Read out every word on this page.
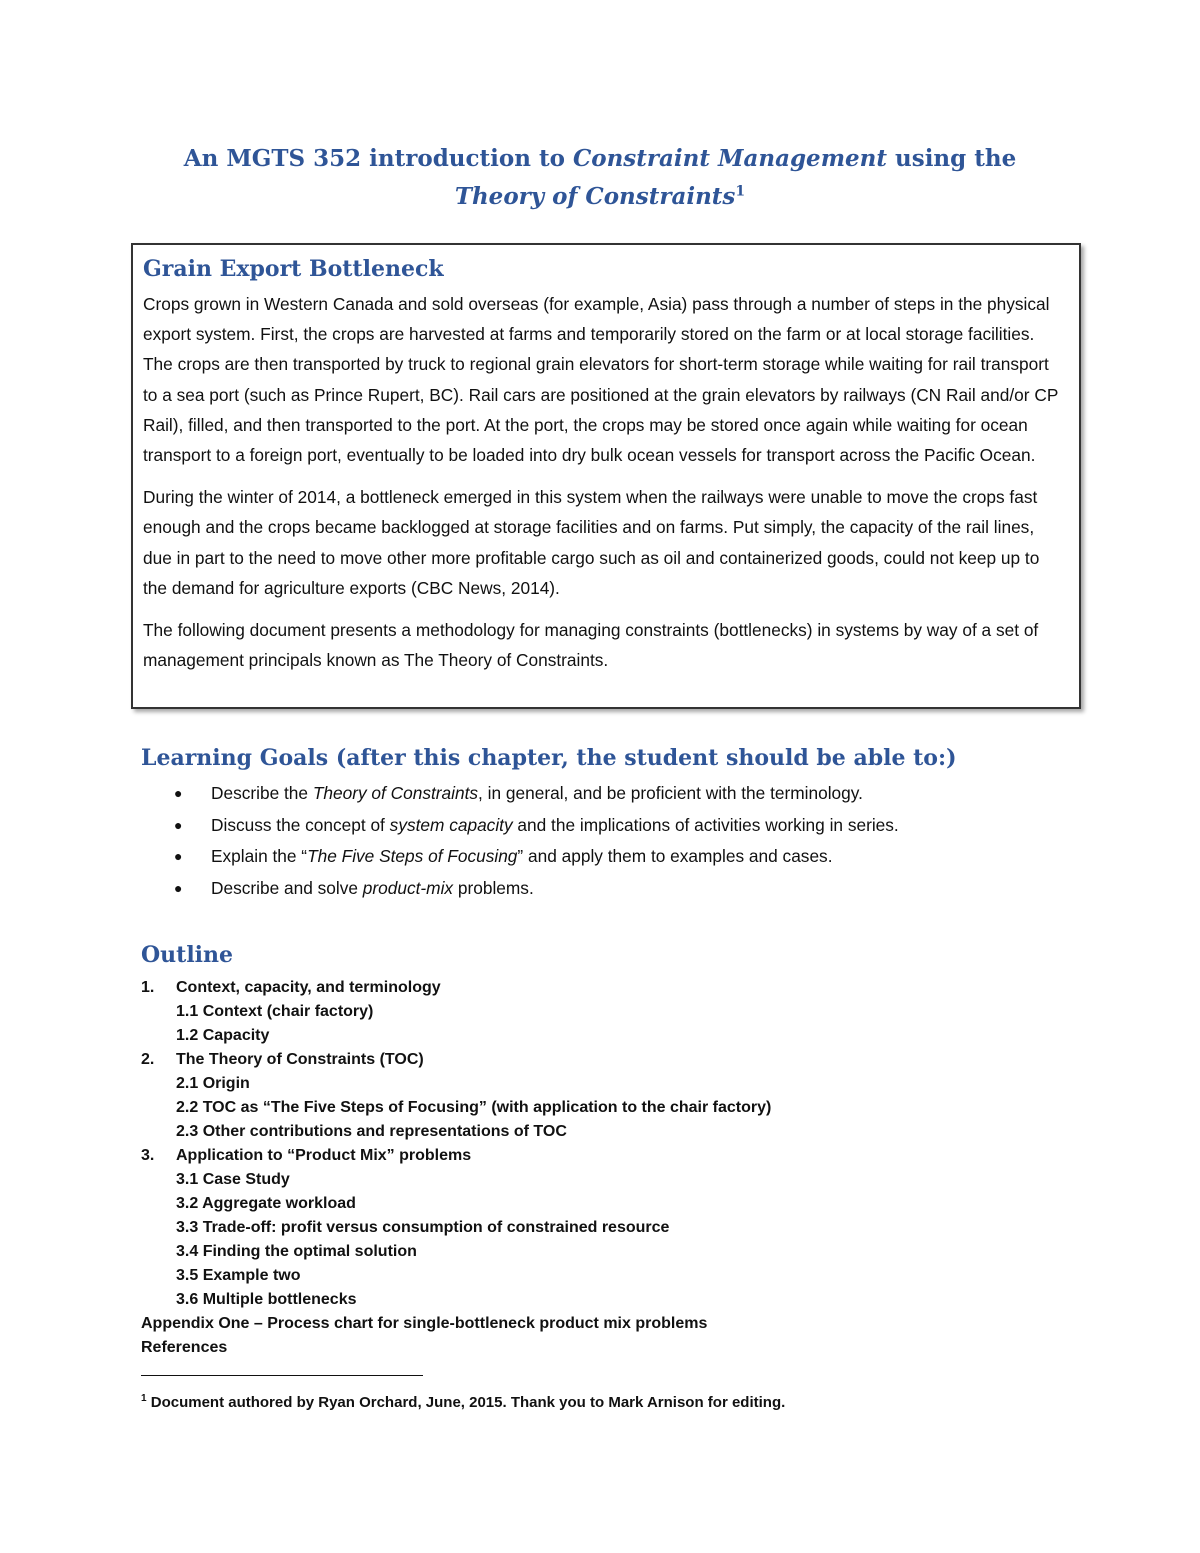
An MGTS 352 introduction to Constraint Management using the
Theory of Constraints$^1$
Grain Export Bottleneck

Crops grown in Western Canada and sold overseas (for example, Asia) pass through a number of steps in the physical export system. First, the crops are harvested at farms and temporarily stored on the farm or at local storage facilities. The crops are then transported by truck to regional grain elevators for short-term storage while waiting for rail transport to a sea port (such as Prince Rupert, BC). Rail cars are positioned at the grain elevators by railways (CN Rail and/or CP Rail), filled, and then transported to the port. At the port, the crops may be stored once again while waiting for ocean transport to a foreign port, eventually to be loaded into dry bulk ocean vessels for transport across the Pacific Ocean.

During the winter of 2014, a bottleneck emerged in this system when the railways were unable to move the crops fast enough and the crops became backlogged at storage facilities and on farms. Put simply, the capacity of the rail lines, due in part to the need to move other more profitable cargo such as oil and containerized goods, could not keep up to the demand for agriculture exports (CBC News, 2014).

The following document presents a methodology for managing constraints (bottlenecks) in systems by way of a set of management principals known as The Theory of Constraints.

Learning Goals (after this chapter, the student should be able to:)
●	Describe the Theory of Constraints, in general, and be proficient with the terminology.
●	Discuss the concept of system capacity and the implications of activities working in series.
●	Explain the “The Five Steps of Focusing” and apply them to examples and cases.
●	Describe and solve product-mix problems.
Outline
1.	Context, capacity, and terminology
1.1 Context (chair factory)
1.2 Capacity
2.	The Theory of Constraints (TOC)
2.1 Origin
2.2 TOC as “The Five Steps of Focusing” (with application to the chair factory)
2.3 Other contributions and representations of TOC
3.	Application to “Product Mix” problems
3.1 Case Study
3.2 Aggregate workload
3.3 Trade-off: profit versus consumption of constrained resource
3.4 Finding the optimal solution
3.5 Example two
3.6 Multiple bottlenecks
Appendix One – Process chart for single-bottleneck product mix problems
References
$^1$ Document authored by Ryan Orchard, June, 2015. Thank you to Mark Arnison for editing.
